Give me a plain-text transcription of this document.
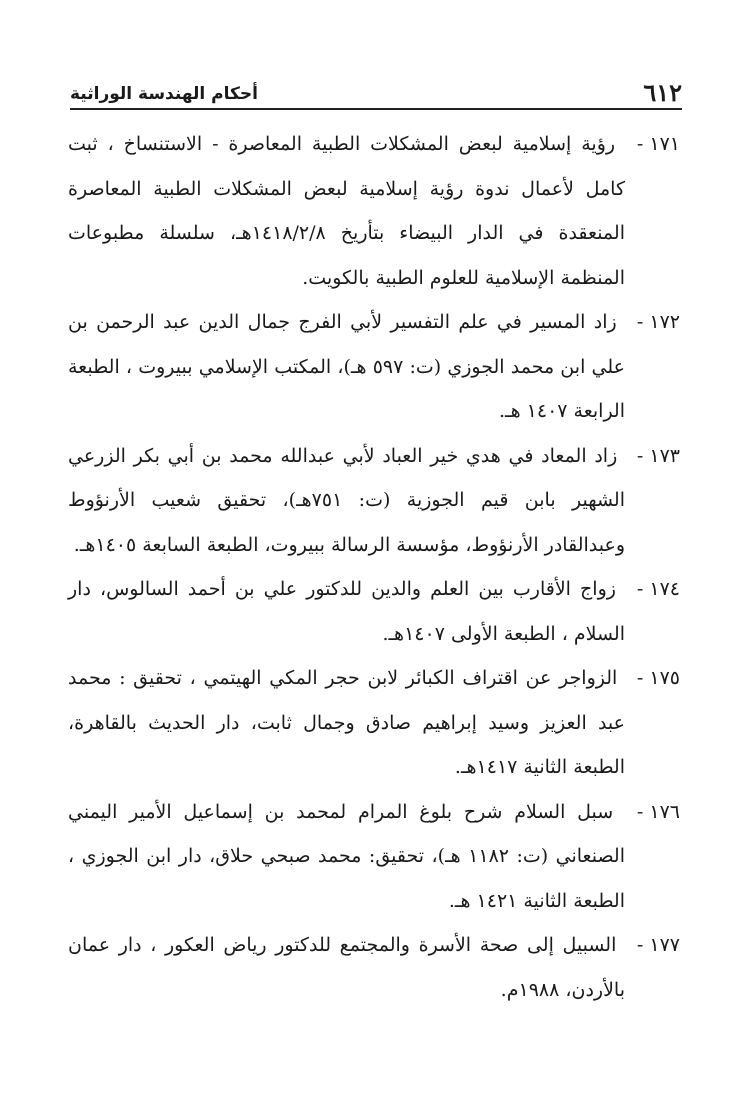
٦١٢
أحكام الهندسة الوراثية
١٧١ - رؤية إسلامية لبعض المشكلات الطبية المعاصرة - الاستنساخ ، ثبت كامل لأعمال ندوة رؤية إسلامية لبعض المشكلات الطبية المعاصرة المنعقدة في الدار البيضاء بتأريخ ١٤١٨/٢/٨هـ، سلسلة مطبوعات المنظمة الإسلامية للعلوم الطبية بالكويت.
١٧٢ - زاد المسير في علم التفسير لأبي الفرج جمال الدين عبد الرحمن بن علي ابن محمد الجوزي (ت: ٥٩٧ هـ)، المكتب الإسلامي ببيروت ، الطبعة الرابعة ١٤٠٧ هـ.
١٧٣ - زاد المعاد في هدي خير العباد لأبي عبدالله محمد بن أبي بكر الزرعي الشهير بابن قيم الجوزية (ت: ٧٥١هـ)، تحقيق شعيب الأرنؤوط وعبدالقادر الأرنؤوط، مؤسسة الرسالة ببيروت، الطبعة السابعة ١٤٠٥هـ.
١٧٤ - زواج الأقارب بين العلم والدين للدكتور علي بن أحمد السالوس، دار السلام ، الطبعة الأولى ١٤٠٧هـ.
١٧٥ - الزواجر عن اقتراف الكبائر لابن حجر المكي الهيتمي ، تحقيق : محمد عبد العزيز وسيد إبراهيم صادق وجمال ثابت، دار الحديث بالقاهرة، الطبعة الثانية ١٤١٧هـ.
١٧٦ - سبل السلام شرح بلوغ المرام لمحمد بن إسماعيل الأمير اليمني الصنعاني (ت: ١١٨٢ هـ)، تحقيق: محمد صبحي حلاق، دار ابن الجوزي ، الطبعة الثانية ١٤٢١ هـ.
١٧٧ - السبيل إلى صحة الأسرة والمجتمع للدكتور رياض العكور ، دار عمان بالأردن، ١٩٨٨م.
